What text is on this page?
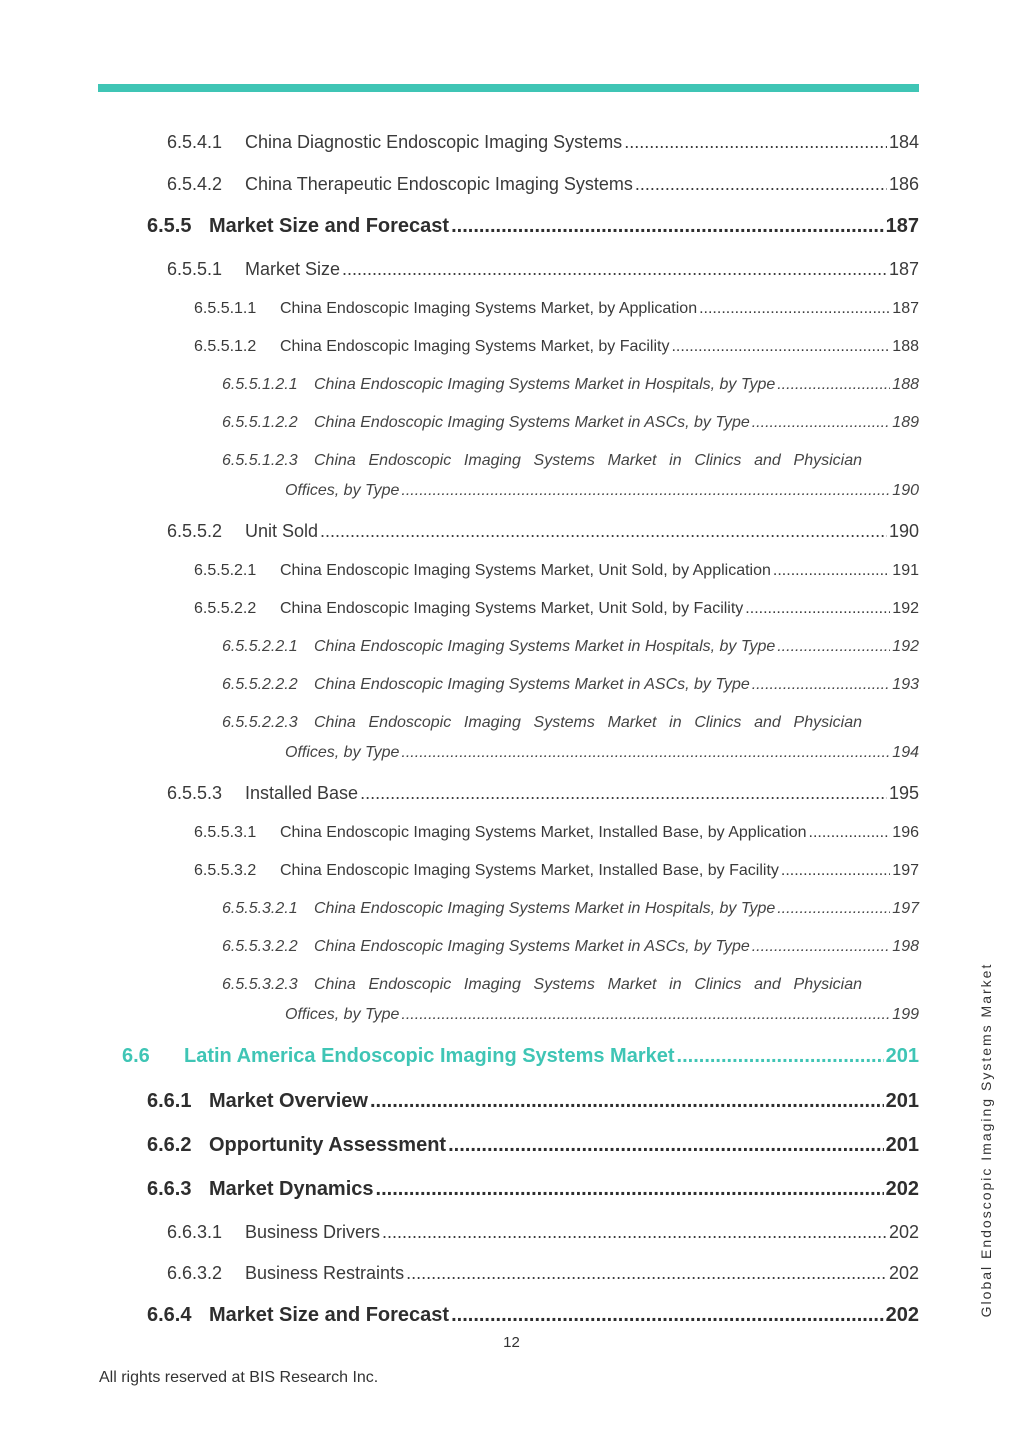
6.5.4.1	China Diagnostic Endoscopic Imaging Systems .....	184
6.5.4.2	China Therapeutic Endoscopic Imaging Systems .....	186
6.5.5 Market Size and Forecast .....	187
6.5.5.1	Market Size .....	187
6.5.5.1.1	China Endoscopic Imaging Systems Market, by Application .....	187
6.5.5.1.2	China Endoscopic Imaging Systems Market, by Facility .....	188
6.5.5.1.2.1	China Endoscopic Imaging Systems Market in Hospitals, by Type .....	188
6.5.5.1.2.2	China Endoscopic Imaging Systems Market in ASCs, by Type .....	189
6.5.5.1.2.3	China Endoscopic Imaging Systems Market in Clinics and Physician
Offices, by Type .....	190
6.5.5.2	Unit Sold .....	190
6.5.5.2.1	China Endoscopic Imaging Systems Market, Unit Sold, by Application .....	191
6.5.5.2.2	China Endoscopic Imaging Systems Market, Unit Sold, by Facility .....	192
6.5.5.2.2.1	China Endoscopic Imaging Systems Market in Hospitals, by Type .....	192
6.5.5.2.2.2	China Endoscopic Imaging Systems Market in ASCs, by Type .....	193
6.5.5.2.2.3	China Endoscopic Imaging Systems Market in Clinics and Physician
Offices, by Type .....	194
6.5.5.3	Installed Base .....	195
6.5.5.3.1	China Endoscopic Imaging Systems Market, Installed Base, by Application .....	196
6.5.5.3.2	China Endoscopic Imaging Systems Market, Installed Base, by Facility .....	197
6.5.5.3.2.1	China Endoscopic Imaging Systems Market in Hospitals, by Type .....	197
6.5.5.3.2.2	China Endoscopic Imaging Systems Market in ASCs, by Type .....	198
6.5.5.3.2.3	China Endoscopic Imaging Systems Market in Clinics and Physician
Offices, by Type .....	199
6.6	Latin America Endoscopic Imaging Systems Market .....	201
6.6.1 Market Overview .....	201
6.6.2 Opportunity Assessment .....	201
6.6.3 Market Dynamics .....	202
6.6.3.1	Business Drivers .....	202
6.6.3.2	Business Restraints .....	202
6.6.4 Market Size and Forecast .....	202
12
All rights reserved at BIS Research Inc.
Global Endoscopic Imaging Systems Market
